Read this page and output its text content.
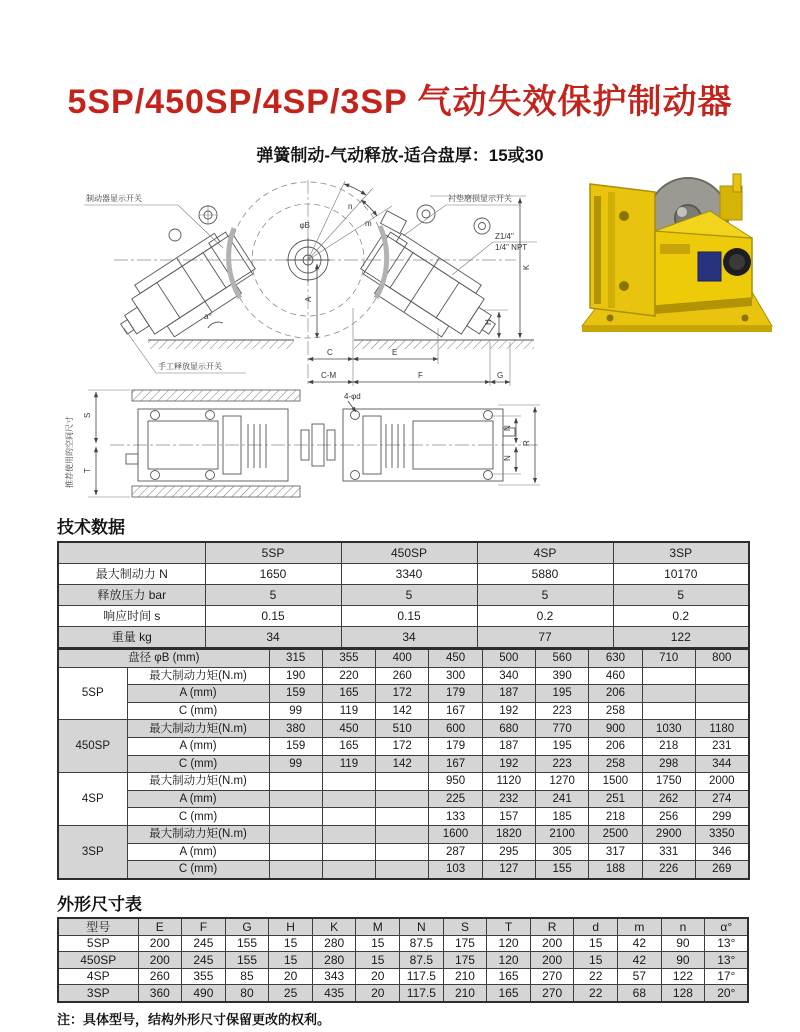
5SP/450SP/4SP/3SP 气动失效保护制动器
弹簧制动-气动释放-适合盘厚：15或30
n
m
φB
a°
制动器显示开关	衬垫磨损显示开关
手工释放显示开关
Z1/4"
1/4" NPT
A
K
H
C	E
C-M	F	G
推荐使用的空间尺寸
S
T
4-φd
N
N
R
技术数据
	5SP	450SP	4SP	3SP
最大制动力 N	1650	3340	5880	10170
释放压力 bar	5	5	5	5
响应时间 s	0.15	0.15	0.2	0.2
重量 kg	34	34	77	122
盘径 φB (mm)		315	355	400	450	500	560	630	710	800
5SP	最大制动力矩(N.m)	190	220	260	300	340	390	460		
	A (mm)	159	165	172	179	187	195	206		
	C (mm)	99	119	142	167	192	223	258		
450SP	最大制动力矩(N.m)	380	450	510	600	680	770	900	1030	1180
	A (mm)	159	165	172	179	187	195	206	218	231
	C (mm)	99	119	142	167	192	223	258	298	344
4SP	最大制动力矩(N.m)				950	1120	1270	1500	1750	2000
	A (mm)				225	232	241	251	262	274
	C (mm)				133	157	185	218	256	299
3SP	最大制动力矩(N.m)				1600	1820	2100	2500	2900	3350
	A (mm)				287	295	305	317	331	346
	C (mm)				103	127	155	188	226	269
外形尺寸表
型号	E	F	G	H	K	M	N	S	T	R	d	m	n	α°
5SP	200	245	155	15	280	15	87.5	175	120	200	15	42	90	13°
450SP	200	245	155	15	280	15	87.5	175	120	200	15	42	90	13°
4SP	260	355	85	20	343	20	117.5	210	165	270	22	57	122	17°
3SP	360	490	80	25	435	20	117.5	210	165	270	22	68	128	20°
注：具体型号，结构外形尺寸保留更改的权利。
